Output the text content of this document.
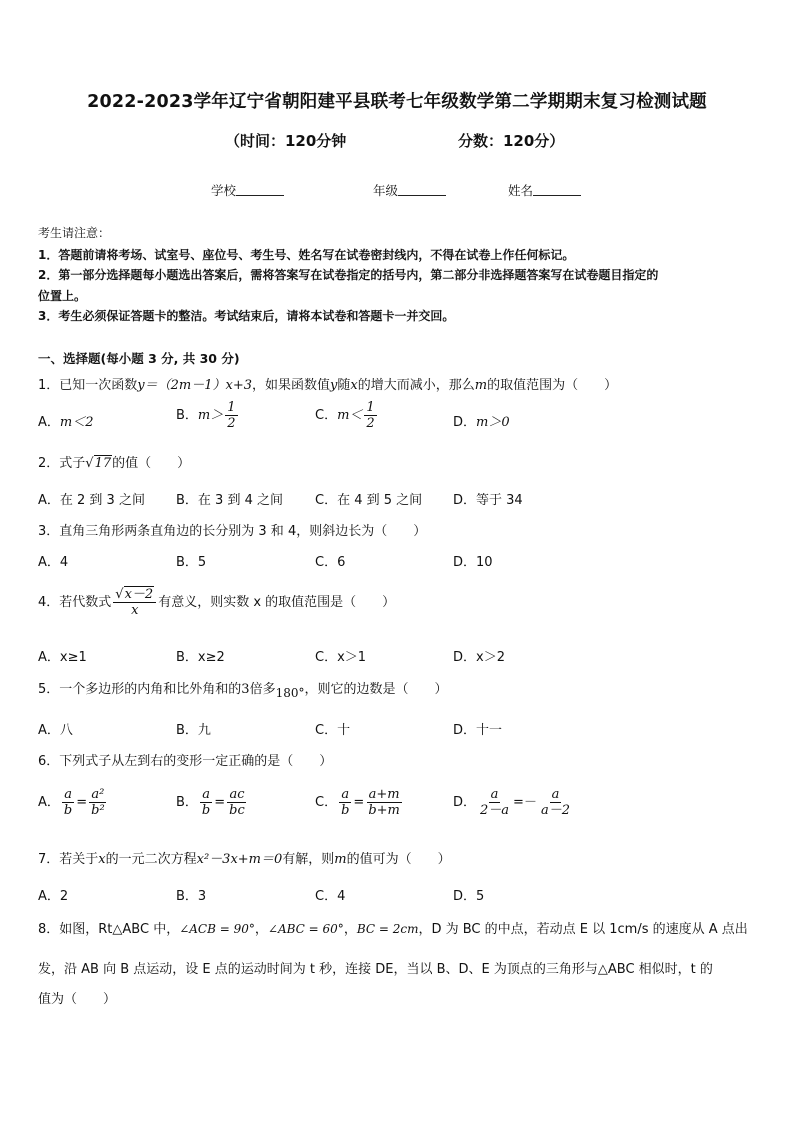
2022-2023学年辽宁省朝阳建平县联考七年级数学第二学期期末复习检测试题
（时间：120分钟	分数：120分）
学校	年级	姓名
考生请注意：
1．答题前请将考场、试室号、座位号、考生号、姓名写在试卷密封线内，不得在试卷上作任何标记。
2．第一部分选择题每小题选出答案后，需将答案写在试卷指定的括号内，第二部分非选择题答案写在试卷题目指定的
位置上。
3．考生必须保证答题卡的整洁。考试结束后，请将本试卷和答题卡一并交回。
一、选择题(每小题 3 分, 共 30 分)
1．已知一次函数y＝（2m－1）x+3，如果函数值y随x的增大而减小，那么m的取值范围为（　　）
A．m＜2	B．$m> \frac{1}{2}$	C．$m< \frac{1}{2}$	D．m＞0
2．式子√17的值（　　）
A．在 2 到 3 之间 B．在 3 到 4 之间 C．在 4 到 5 之间 D．等于 34
3．直角三角形两条直角边的长分别为 3 和 4，则斜边长为（　　）
A．4	B．5	C．6	D．10
4．若代数式 $\frac{√x-2}{x}$ 有意义，则实数 x 的取值范围是（　　）
A．x≥1	B．x≥2	C．x＞1	D．x＞2
5．一个多边形的内角和比外角和的3倍多180°，则它的边数是（　　）
A．八	B．九	C．十	D．十一
6．下列式子从左到右的变形一定正确的是（　　）
A． $\frac{a}{b} = \frac{\text{a²}}{\text{b²}}$	B． $\frac{a}{b} = \frac{ac}{bc}$	C． $\frac{a}{b} = \frac{a+m}{b+m}$	D． $\frac{a}{2-a} =- \frac{a}{a-2}$
7．若关于x的一元二次方程x²－3x+m＝0有解，则m的值可为（　　）
A．2	B．3	C．4	D．5
8．如图，Rt△ABC 中，∠ACB = 90°，∠ABC = 60°，BC = 2cm，D 为 BC 的中点，若动点 E 以 1cm/s 的速度从 A 点出
发，沿 AB 向 B 点运动，设 E 点的运动时间为 t 秒，连接 DE，当以 B、D、E 为顶点的三角形与△ABC 相似时，t 的
值为（　　）
